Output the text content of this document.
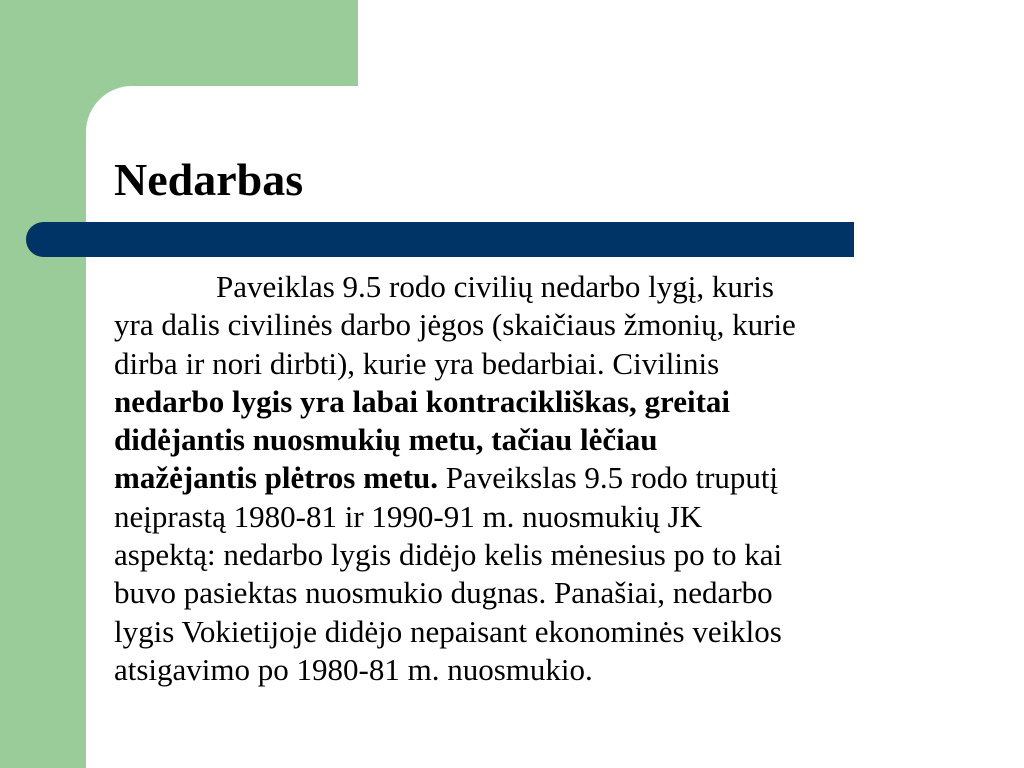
Nedarbas

Paveiklas 9.5 rodo civilių nedarbo lygį, kuris
yra dalis civilinės darbo jėgos (skaičiaus žmonių, kurie
dirba ir nori dirbti), kurie yra bedarbiai. Civilinis
nedarbo lygis yra labai kontracikliškas, greitai
didėjantis nuosmukių metu, tačiau lėčiau
mažėjantis plėtros metu. Paveikslas 9.5 rodo truputį
neįprastą 1980-81 ir 1990-91 m. nuosmukių JK
aspektą: nedarbo lygis didėjo kelis mėnesius po to kai
buvo pasiektas nuosmukio dugnas. Panašiai, nedarbo
lygis Vokietijoje didėjo nepaisant ekonominės veiklos
atsigavimo po 1980-81 m. nuosmukio.
